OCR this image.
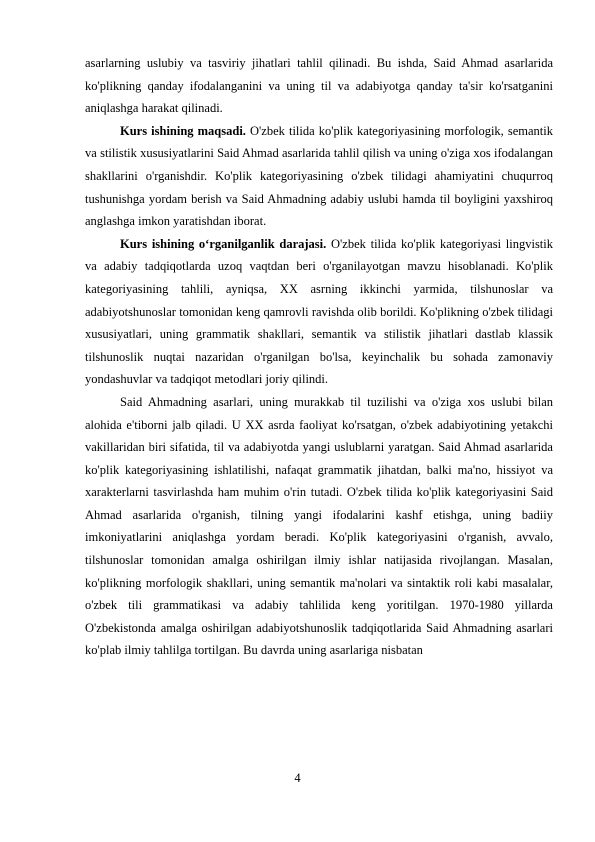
asarlarning uslubiy va tasviriy jihatlari tahlil qilinadi. Bu ishda, Said Ahmad asarlarida ko'plikning qanday ifodalanganini va uning til va adabiyotga qanday ta'sir ko'rsatganini aniqlashga harakat qilinadi.

Kurs ishining maqsadi. O'zbek tilida ko'plik kategoriyasining morfologik, semantik va stilistik xususiyatlarini Said Ahmad asarlarida tahlil qilish va uning o'ziga xos ifodalangan shakllarini o'rganishdir. Ko'plik kategoriyasining o'zbek tilidagi ahamiyatini chuqurroq tushunishga yordam berish va Said Ahmadning adabiy uslubi hamda til boyligini yaxshiroq anglashga imkon yaratishdan iborat.

Kurs ishining o‘rganilganlik darajasi. O'zbek tilida ko'plik kategoriyasi lingvistik va adabiy tadqiqotlarda uzoq vaqtdan beri o'rganilayotgan mavzu hisoblanadi. Ko'plik kategoriyasining tahlili, ayniqsa, XX asrning ikkinchi yarmida, tilshunoslar va adabiyotshunoslar tomonidan keng qamrovli ravishda olib borildi. Ko'plikning o'zbek tilidagi xususiyatlari, uning grammatik shakllari, semantik va stilistik jihatlari dastlab klassik tilshunoslik nuqtai nazaridan o'rganilgan bo'lsa, keyinchalik bu sohada zamonaviy yondashuvlar va tadqiqot metodlari joriy qilindi.

Said Ahmadning asarlari, uning murakkab til tuzilishi va o'ziga xos uslubi bilan alohida e'tiborni jalb qiladi. U XX asrda faoliyat ko'rsatgan, o'zbek adabiyotining yetakchi vakillaridan biri sifatida, til va adabiyotda yangi uslublarni yaratgan. Said Ahmad asarlarida ko'plik kategoriyasining ishlatilishi, nafaqat grammatik jihatdan, balki ma'no, hissiyot va xarakterlarni tasvirlashda ham muhim o'rin tutadi. O'zbek tilida ko'plik kategoriyasini Said Ahmad asarlarida o'rganish, tilning yangi ifodalarini kashf etishga, uning badiiy imkoniyatlarini aniqlashga yordam beradi. Ko'plik kategoriyasini o'rganish, avvalo, tilshunoslar tomonidan amalga oshirilgan ilmiy ishlar natijasida rivojlangan. Masalan, ko'plikning morfologik shakllari, uning semantik ma'nolari va sintaktik roli kabi masalalar, o'zbek tili grammatikasi va adabiy tahlilida keng yoritilgan. 1970-1980 yillarda O'zbekistonda amalga oshirilgan adabiyotshunoslik tadqiqotlarida Said Ahmadning asarlari ko'plab ilmiy tahlilga tortilgan. Bu davrda uning asarlariga nisbatan

4
